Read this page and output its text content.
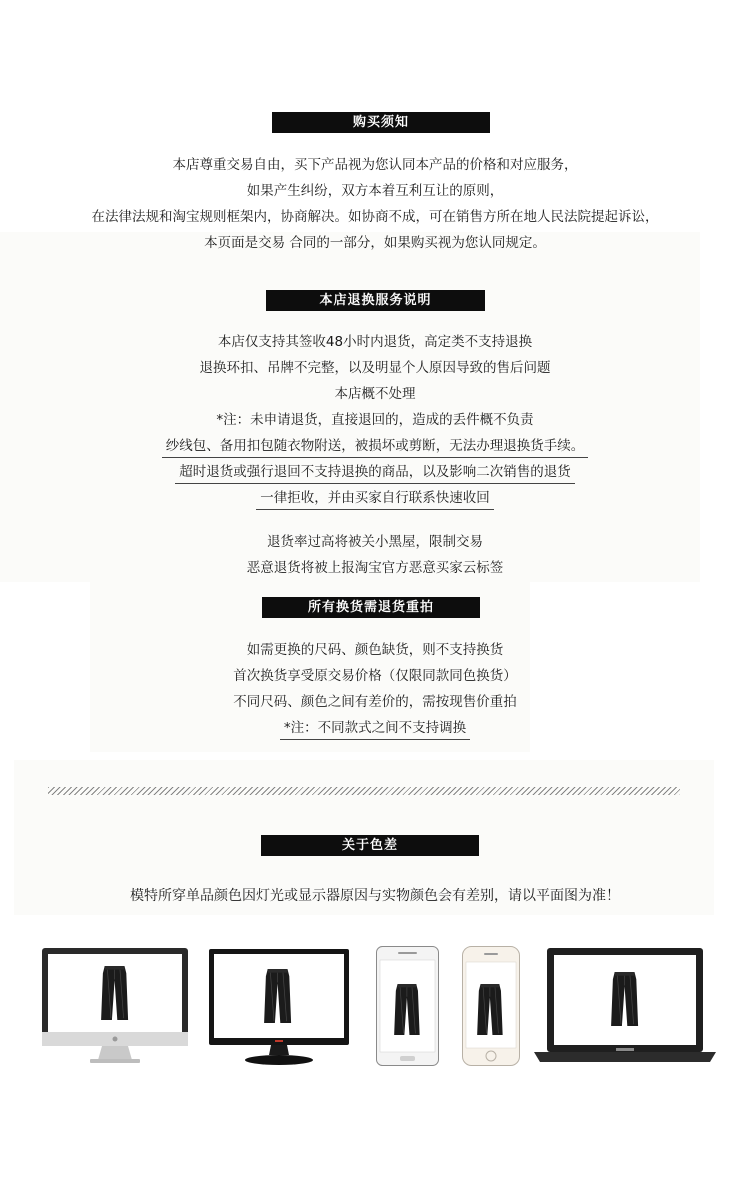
购买须知
本店尊重交易自由，买下产品视为您认同本产品的价格和对应服务，
如果产生纠纷，双方本着互利互让的原则，
在法律法规和淘宝规则框架内，协商解决。如协商不成，可在销售方所在地人民法院提起诉讼，
本页面是交易 合同的一部分，如果购买视为您认同规定。
本店退换服务说明
本店仅支持其签收48小时内退货，高定类不支持退换
退换环扣、吊牌不完整，以及明显个人原因导致的售后问题
本店概不处理
*注：未申请退货，直接退回的，造成的丢件概不负责
纱线包、备用扣包随衣物附送，被损坏或剪断，无法办理退换货手续。
超时退货或强行退回不支持退换的商品，以及影响二次销售的退货
一律拒收，并由买家自行联系快速收回
退货率过高将被关小黑屋，限制交易
恶意退货将被上报淘宝官方恶意买家云标签
所有换货需退货重拍
如需更换的尺码、颜色缺货，则不支持换货
首次换货享受原交易价格（仅限同款同色换货）
不同尺码、颜色之间有差价的，需按现售价重拍
*注：不同款式之间不支持调换
关于色差
模特所穿单品颜色因灯光或显示器原因与实物颜色会有差别，请以平面图为准！
